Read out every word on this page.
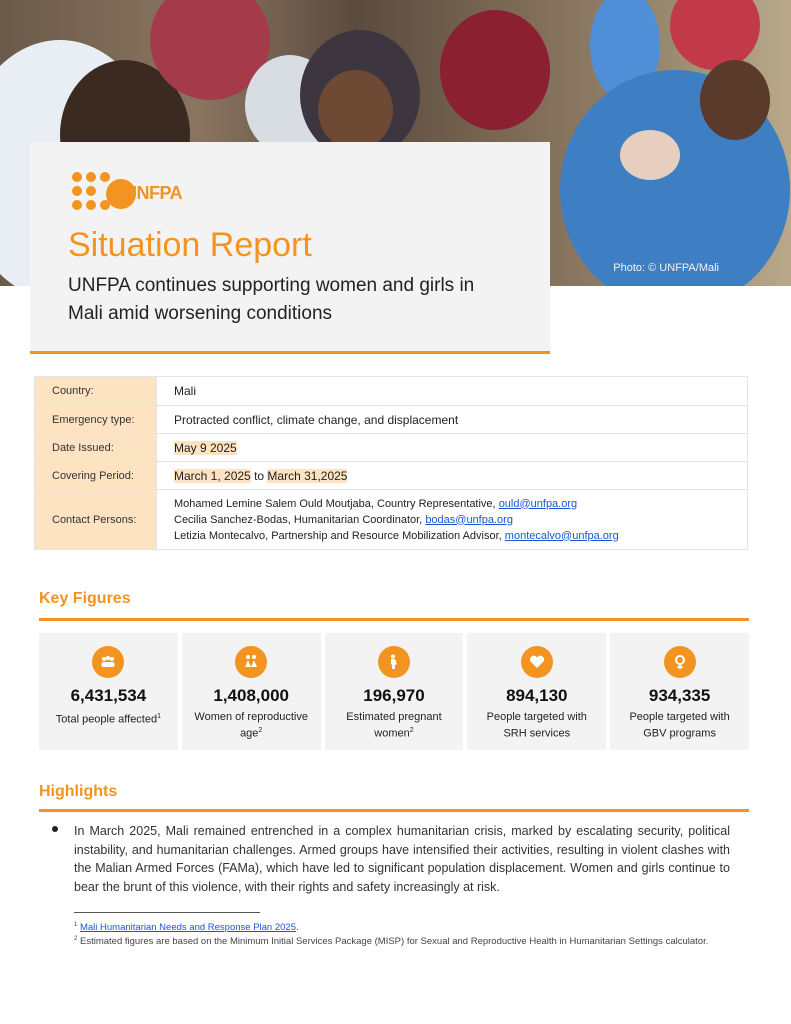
Photo: © UNFPA/Mali
UNFPA
Situation Report
UNFPA continues supporting women and girls in Mali amid worsening conditions
Country:	Mali
Emergency type:	Protracted conflict, climate change, and displacement
Date Issued:	May 9 2025
Covering Period:	March 1, 2025 to March 31,2025
Contact Persons:	Mohamed Lemine Salem Ould Moutjaba, Country Representative, ould@unfpa.org
Cecilia Sanchez-Bodas, Humanitarian Coordinator, bodas@unfpa.org
Letizia Montecalvo, Partnership and Resource Mobilization Advisor, montecalvo@unfpa.org
Key Figures
6,431,534
Total people affected$^1$
1,408,000
Women of reproductive age$^2$
196,970
Estimated pregnant women$^2$
894,130
People targeted with SRH services
934,335
People targeted with GBV programs
Highlights
In March 2025, Mali remained entrenched in a complex humanitarian crisis, marked by escalating security, political instability, and humanitarian challenges. Armed groups have intensified their activities, resulting in violent clashes with the Malian Armed Forces (FAMa), which have led to significant population displacement. Women and girls continue to bear the brunt of this violence, with their rights and safety increasingly at risk.
$^1$ Mali Humanitarian Needs and Response Plan 2025.
$^2$ Estimated figures are based on the Minimum Initial Services Package (MISP) for Sexual and Reproductive Health in Humanitarian Settings calculator.
